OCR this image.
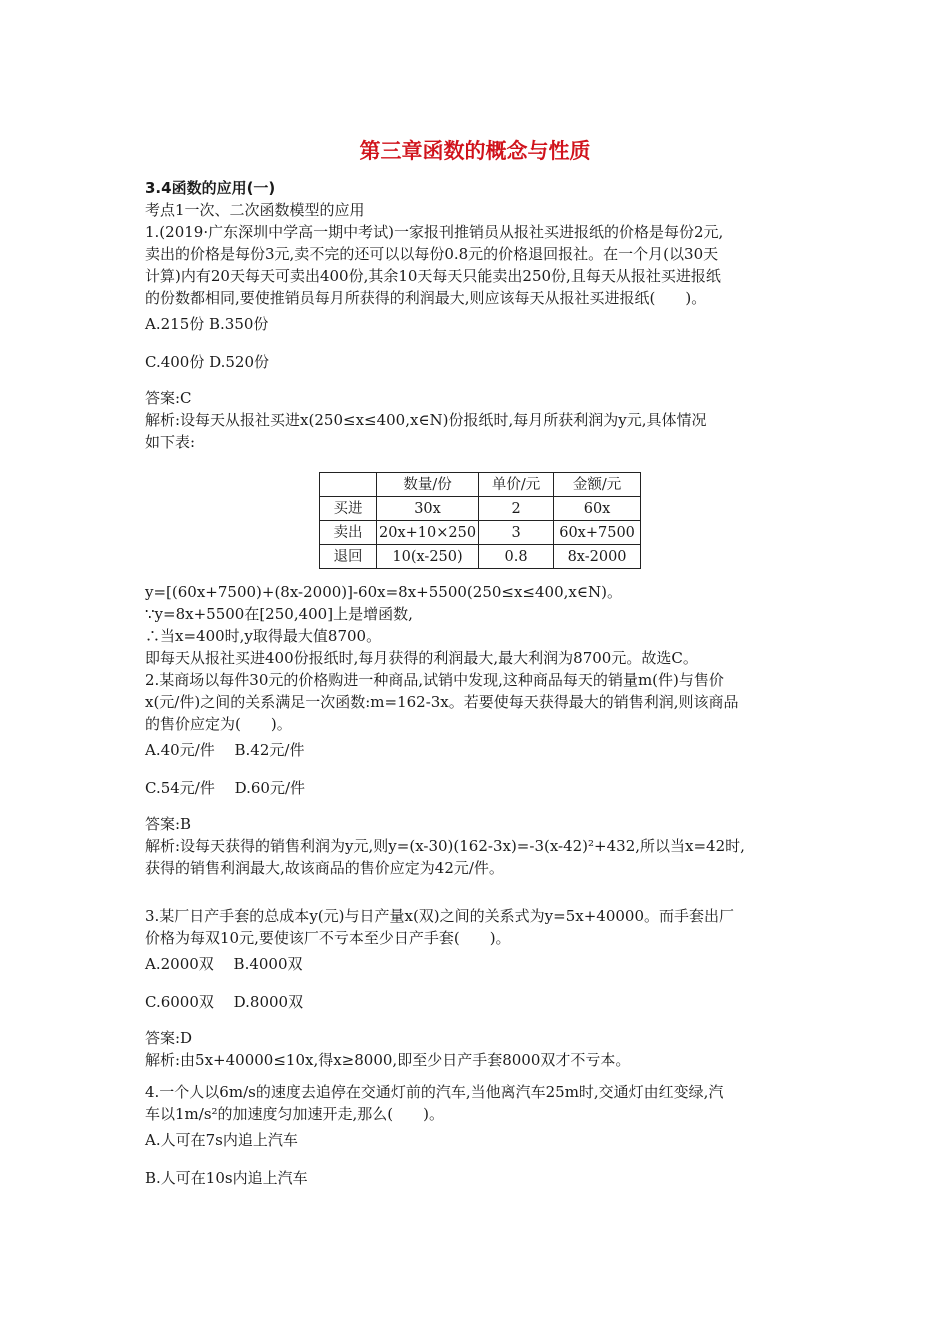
第三章函数的概念与性质
3.4函数的应用(一)
考点1一次、二次函数模型的应用
1.(2019·广东深圳中学高一期中考试)一家报刊推销员从报社买进报纸的价格是每份2元,
卖出的价格是每份3元,卖不完的还可以以每份0.8元的价格退回报社。在一个月(以30天
计算)内有20天每天可卖出400份,其余10天每天只能卖出250份,且每天从报社买进报纸
的份数都相同,要使推销员每月所获得的利润最大,则应该每天从报社买进报纸(　　)。
A.215份 B.350份
C.400份 D.520份
答案:C
解析:设每天从报社买进x(250≤x≤400,x∈N)份报纸时,每月所获利润为y元,具体情况
如下表:
	数量/份	单价/元	金额/元
买进	30x	2	60x
卖出	20x+10×250	3	60x+7500
退回	10(x-250)	0.8	8x-2000
y=[(60x+7500)+(8x-2000)]-60x=8x+5500(250≤x≤400,x∈N)。
∵y=8x+5500在[250,400]上是增函数,
∴当x=400时,y取得最大值8700。
即每天从报社买进400份报纸时,每月获得的利润最大,最大利润为8700元。故选C。
2.某商场以每件30元的价格购进一种商品,试销中发现,这种商品每天的销量m(件)与售价
x(元/件)之间的关系满足一次函数:m=162-3x。若要使每天获得最大的销售利润,则该商品
的售价应定为(　　)。
A.40元/件　 B.42元/件
C.54元/件　 D.60元/件
答案:B
解析:设每天获得的销售利润为y元,则y=(x-30)(162-3x)=-3(x-42)²+432,所以当x=42时,
获得的销售利润最大,故该商品的售价应定为42元/件。
3.某厂日产手套的总成本y(元)与日产量x(双)之间的关系式为y=5x+40000。而手套出厂
价格为每双10元,要使该厂不亏本至少日产手套(　　)。
A.2000双　 B.4000双
C.6000双　 D.8000双
答案:D
解析:由5x+40000≤10x,得x≥8000,即至少日产手套8000双才不亏本。
4.一个人以6m/s的速度去追停在交通灯前的汽车,当他离汽车25m时,交通灯由红变绿,汽
车以1m/s²的加速度匀加速开走,那么(　　)。
A.人可在7s内追上汽车
B.人可在10s内追上汽车
